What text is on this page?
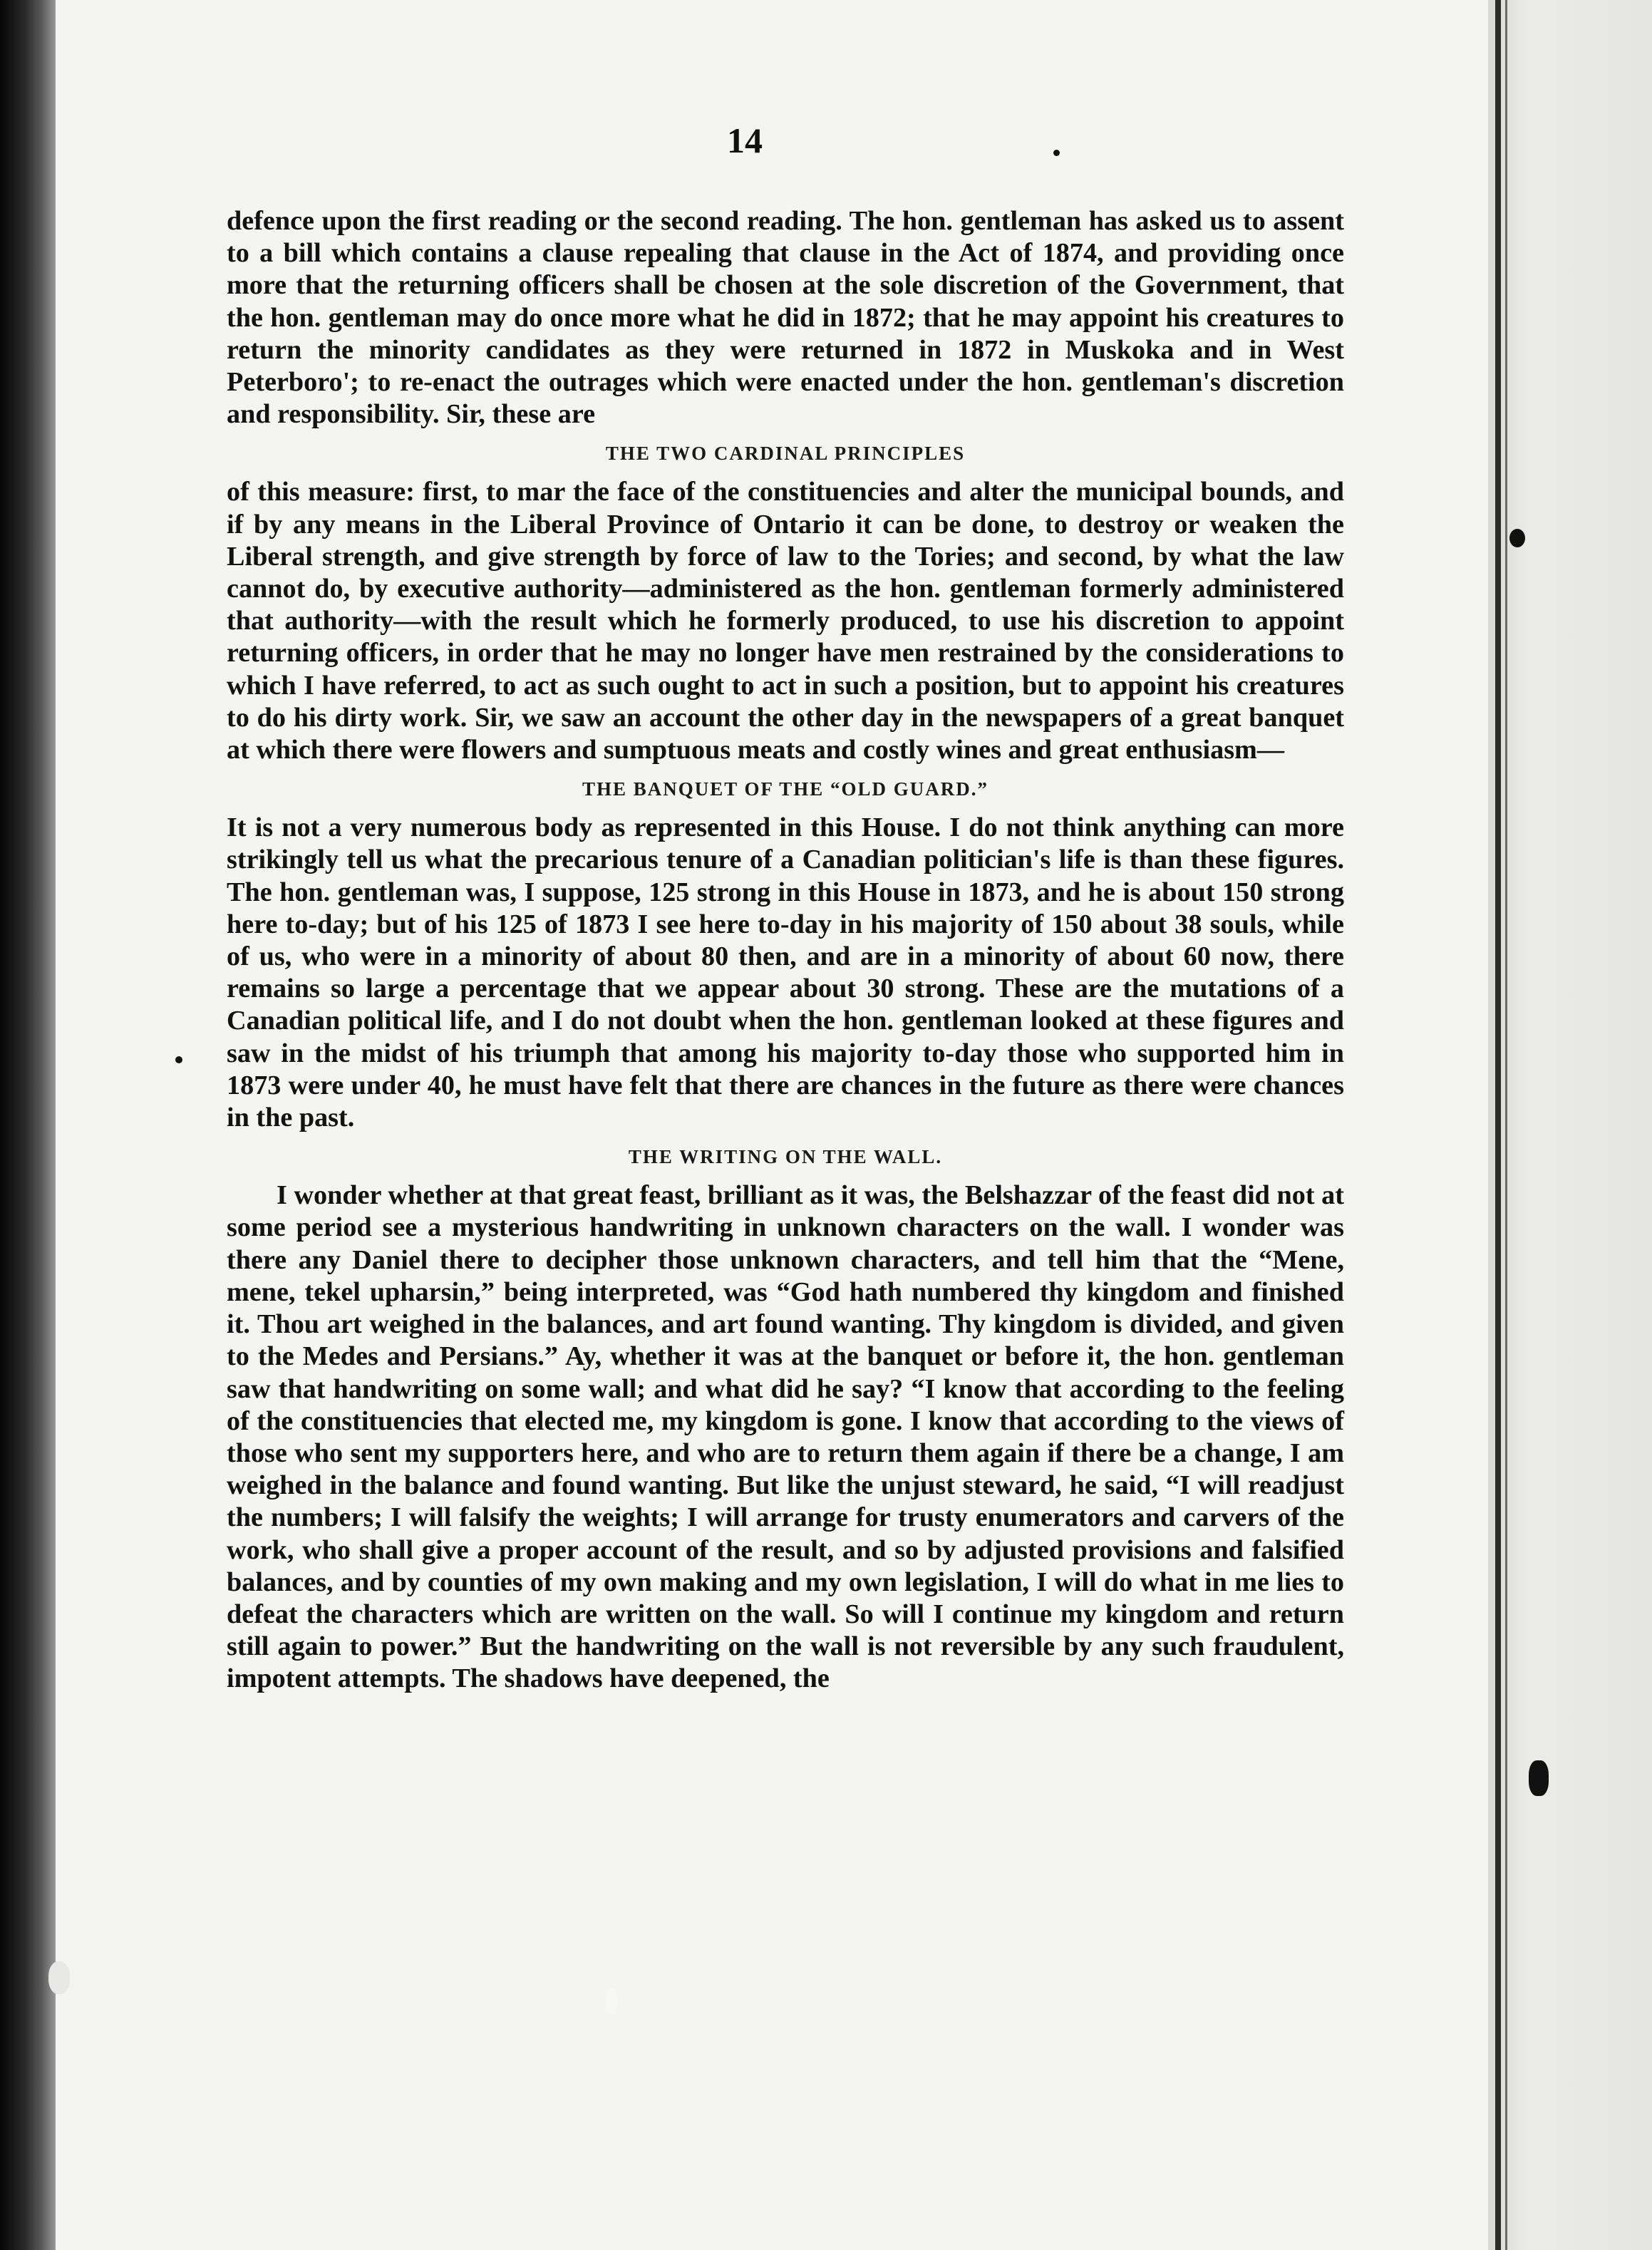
14

defence upon the first reading or the second reading. The hon. gentleman has asked us to assent to a bill which contains a clause repealing that clause in the Act of 1874, and providing once more that the returning officers shall be chosen at the sole discretion of the Government, that the hon. gentleman may do once more what he did in 1872; that he may appoint his creatures to return the minority candidates as they were returned in 1872 in Muskoka and in West Peterboro'; to re-enact the outrages which were enacted under the hon. gentleman's discretion and responsibility. Sir, these are

THE TWO CARDINAL PRINCIPLES

of this measure: first, to mar the face of the constituencies and alter the municipal bounds, and if by any means in the Liberal Province of Ontario it can be done, to destroy or weaken the Liberal strength, and give strength by force of law to the Tories; and second, by what the law cannot do, by executive authority—administered as the hon. gentleman formerly administered that authority—with the result which he formerly produced, to use his discretion to appoint returning officers, in order that he may no longer have men restrained by the considerations to which I have referred, to act as such ought to act in such a position, but to appoint his creatures to do his dirty work. Sir, we saw an account the other day in the newspapers of a great banquet at which there were flowers and sumptuous meats and costly wines and great enthusiasm—

THE BANQUET OF THE “OLD GUARD.”

It is not a very numerous body as represented in this House. I do not think anything can more strikingly tell us what the precarious tenure of a Canadian politician's life is than these figures. The hon. gentleman was, I suppose, 125 strong in this House in 1873, and he is about 150 strong here to-day; but of his 125 of 1873 I see here to-day in his majority of 150 about 38 souls, while of us, who were in a minority of about 80 then, and are in a minority of about 60 now, there remains so large a percentage that we appear about 30 strong. These are the mutations of a Canadian political life, and I do not doubt when the hon. gentleman looked at these figures and saw in the midst of his triumph that among his majority to-day those who supported him in 1873 were under 40, he must have felt that there are chances in the future as there were chances in the past.

THE WRITING ON THE WALL.

I wonder whether at that great feast, brilliant as it was, the Belshazzar of the feast did not at some period see a mysterious handwriting in unknown characters on the wall. I wonder was there any Daniel there to decipher those unknown characters, and tell him that the “Mene, mene, tekel upharsin,” being interpreted, was “God hath numbered thy kingdom and finished it. Thou art weighed in the balances, and art found wanting. Thy kingdom is divided, and given to the Medes and Persians.” Ay, whether it was at the banquet or before it, the hon. gentleman saw that handwriting on some wall; and what did he say? “I know that according to the feeling of the constituencies that elected me, my kingdom is gone. I know that according to the views of those who sent my supporters here, and who are to return them again if there be a change, I am weighed in the balance and found wanting. But like the unjust steward, he said, “I will readjust the numbers; I will falsify the weights; I will arrange for trusty enumerators and carvers of the work, who shall give a proper account of the result, and so by adjusted provisions and falsified balances, and by counties of my own making and my own legislation, I will do what in me lies to defeat the characters which are written on the wall. So will I continue my kingdom and return still again to power.” But the handwriting on the wall is not reversible by any such fraudulent, impotent attempts. The shadows have deepened, the
